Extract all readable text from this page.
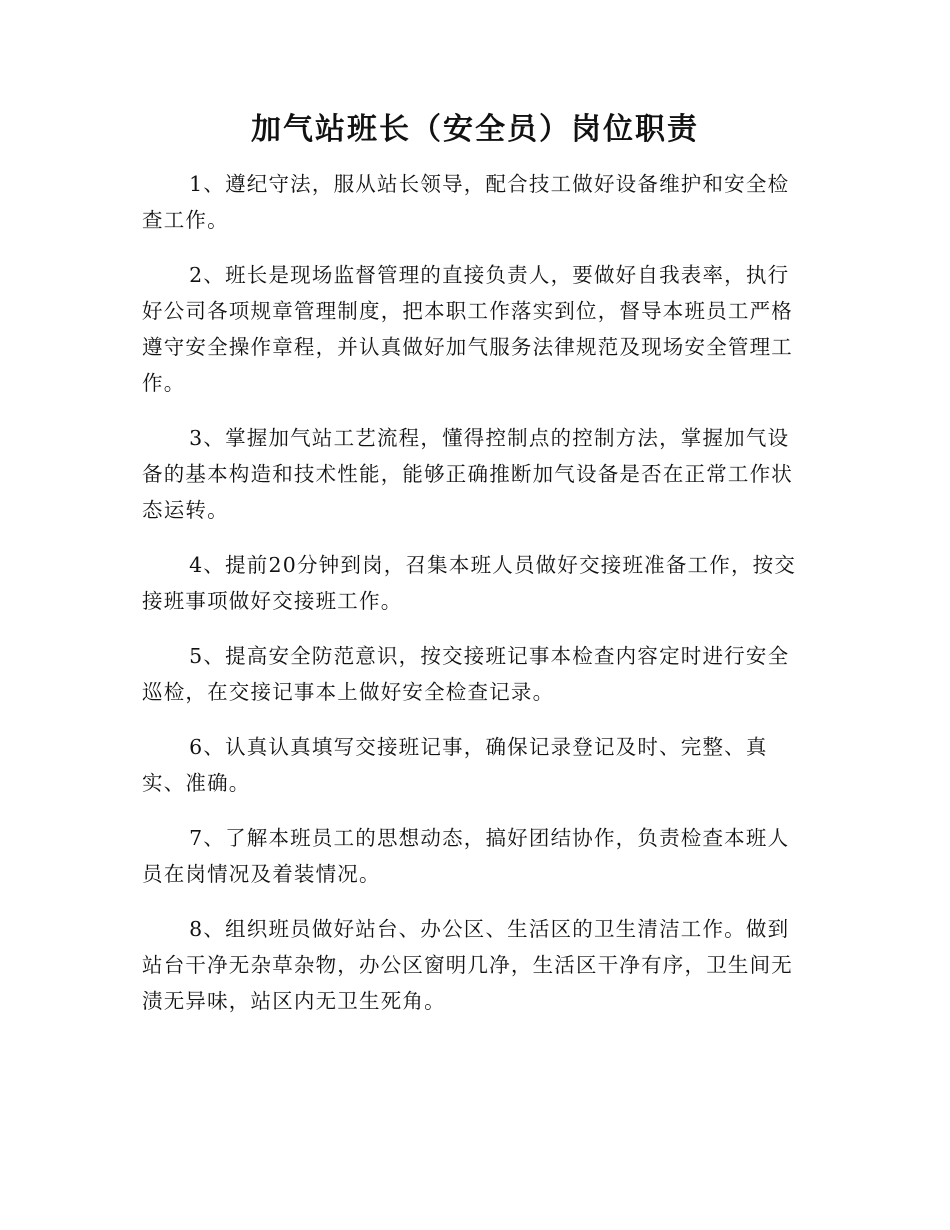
加气站班长（安全员）岗位职责

1、遵纪守法，服从站长领导，配合技工做好设备维护和安全检查工作。

2、班长是现场监督管理的直接负责人，要做好自我表率，执行好公司各项规章管理制度，把本职工作落实到位，督导本班员工严格遵守安全操作章程，并认真做好加气服务法律规范及现场安全管理工作。

3、掌握加气站工艺流程，懂得控制点的控制方法，掌握加气设备的基本构造和技术性能，能够正确推断加气设备是否在正常工作状态运转。

4、提前20分钟到岗，召集本班人员做好交接班准备工作，按交接班事项做好交接班工作。

5、提高安全防范意识，按交接班记事本检查内容定时进行安全巡检，在交接记事本上做好安全检查记录。

6、认真认真填写交接班记事，确保记录登记及时、完整、真实、准确。

7、了解本班员工的思想动态，搞好团结协作，负责检查本班人员在岗情况及着装情况。

8、组织班员做好站台、办公区、生活区的卫生清洁工作。做到站台干净无杂草杂物，办公区窗明几净，生活区干净有序，卫生间无渍无异味，站区内无卫生死角。
